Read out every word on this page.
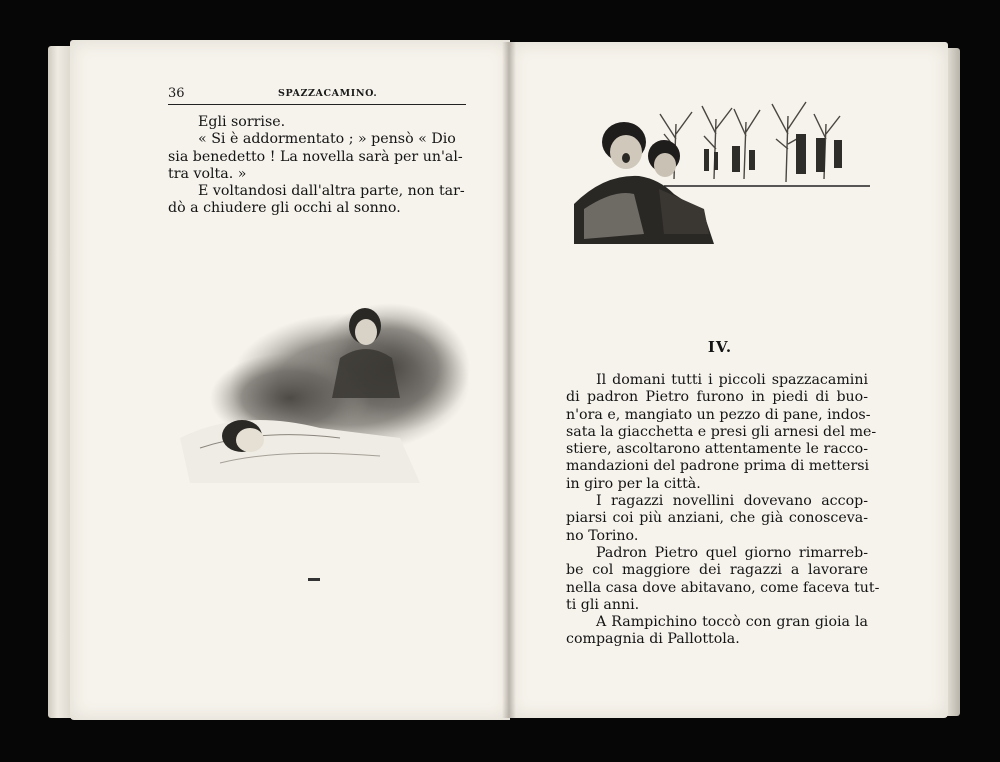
36	SPAZZACAMINO.

Egli sorrise.

« Si è addormentato ; » pensò « Dio

sia benedetto ! La novella sarà per un'al-

tra volta. »

E voltandosi dall'altra parte, non tar-

dò a chiudere gli occhi al sonno.

IV.

Il domani tutti i piccoli spazzacamini

di padron Pietro furono in piedi di buo-

n'ora e, mangiato un pezzo di pane, indos-

sata la giacchetta e presi gli arnesi del me-

stiere, ascoltarono attentamente le racco-

mandazioni del padrone prima di mettersi

in giro per la città.

I ragazzi novellini dovevano accop-

piarsi coi più anziani, che già conosceva-

no Torino.

Padron Pietro quel giorno rimarreb-

be col maggiore dei ragazzi a lavorare

nella casa dove abitavano, come faceva tut-

ti gli anni.

A Rampichino toccò con gran gioia la

compagnia di Pallottola.
